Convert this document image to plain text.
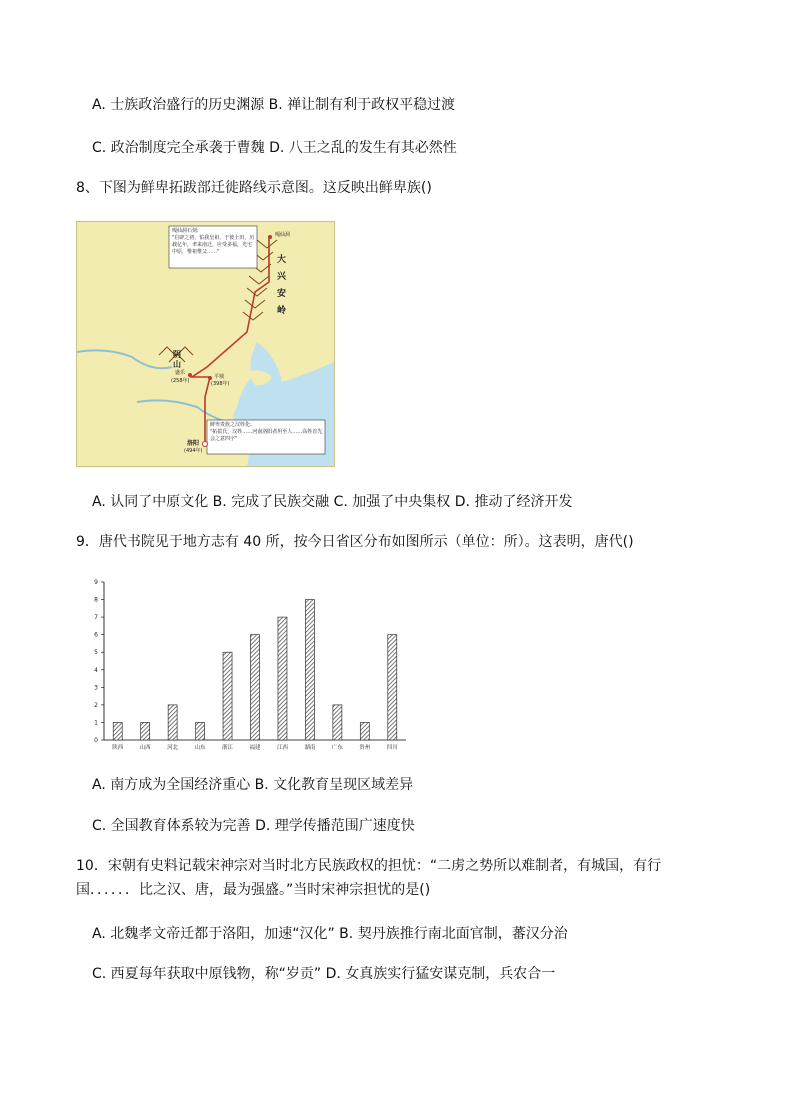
A. 士族政治盛行的历史渊源 B. 禅让制有利于政权平稳过渡
C. 政治制度完全承袭于曹魏 D. 八王之乱的发生有其必然性
8、下图为鲜卑拓跋部迁徙路线示意图。这反映出鲜卑族()
嘎仙洞石刻:
"启辟之初，佑我皇祖，于彼土田，历载亿年，聿来南迁，应受多福，光宅中原，惟祖惟父……"
嘎仙洞
大兴安岭
阴山
盛乐
(258年)
平城
(398年)
洛阳
(494年)
鲜卑贵族之汉姓化:
"拓拔氏，汉姓……河南洛阳者坦至人……高姓首先会之意四字"
A. 认同了中原文化 B. 完成了民族交融 C. 加强了中央集权 D. 推动了经济开发
9．唐代书院见于地方志有 40 所，按今日省区分布如图所示（单位：所）。这表明，唐代()
0
1
2
3
4
5
6
7
8
9
陕西	山西	河北	山东	浙江	福建	江西	湖南	广东	贵州	四川
A. 南方成为全国经济重心 B. 文化教育呈现区域差异
C. 全国教育体系较为完善 D. 理学传播范围广速度快
10．宋朝有史料记载宋神宗对当时北方民族政权的担忧：“二虏之势所以难制者，有城国，有行
国．．．．．．比之汉、唐，最为强盛。”当时宋神宗担忧的是()
A. 北魏孝文帝迁都于洛阳，加速“汉化” B. 契丹族推行南北面官制，蕃汉分治
C. 西夏每年获取中原钱物，称“岁贡” D. 女真族实行猛安谋克制，兵农合一
